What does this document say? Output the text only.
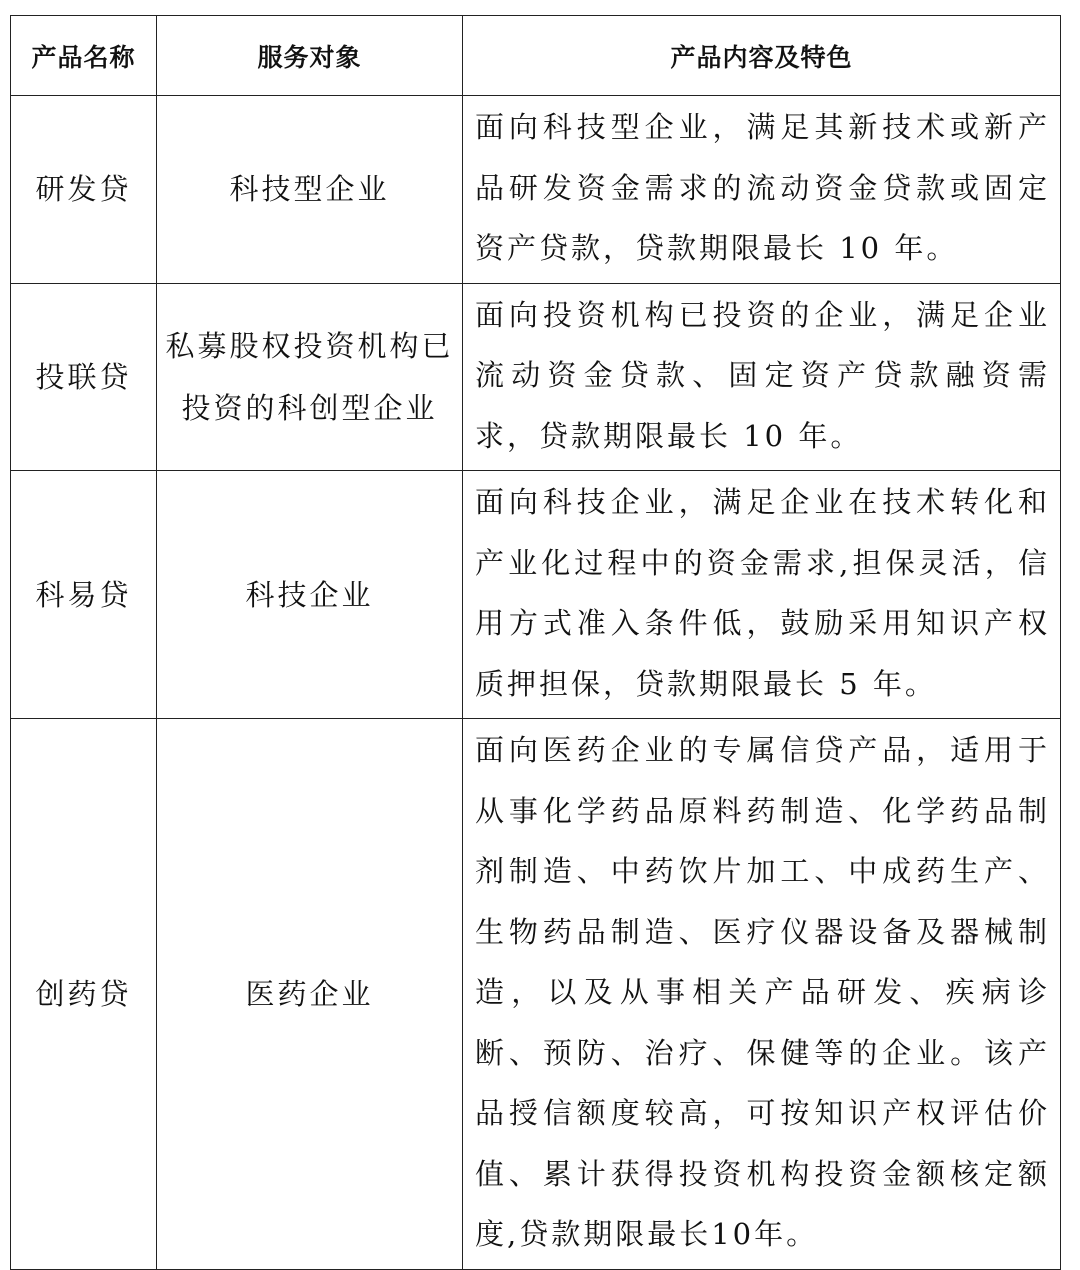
产品名称	服务对象	产品内容及特色
研发贷	科技型企业	面向科技型企业，满足其新技术或新产品研发资金需求的流动资金贷款或固定资产贷款，贷款期限最长 10 年。
投联贷	私募股权投资机构已投资的科创型企业	面向投资机构已投资的企业，满足企业流动资金贷款、固定资产贷款融资需求，贷款期限最长 10 年。
科易贷	科技企业	面向科技企业，满足企业在技术转化和产业化过程中的资金需求,担保灵活，信用方式准入条件低，鼓励采用知识产权质押担保，贷款期限最长 5 年。
创药贷	医药企业	面向医药企业的专属信贷产品，适用于从事化学药品原料药制造、化学药品制剂制造、中药饮片加工、中成药生产、生物药品制造、医疗仪器设备及器械制造，以及从事相关产品研发、疾病诊断、预防、治疗、保健等的企业。该产品授信额度较高，可按知识产权评估价值、累计获得投资机构投资金额核定额度,贷款期限最长10年。
